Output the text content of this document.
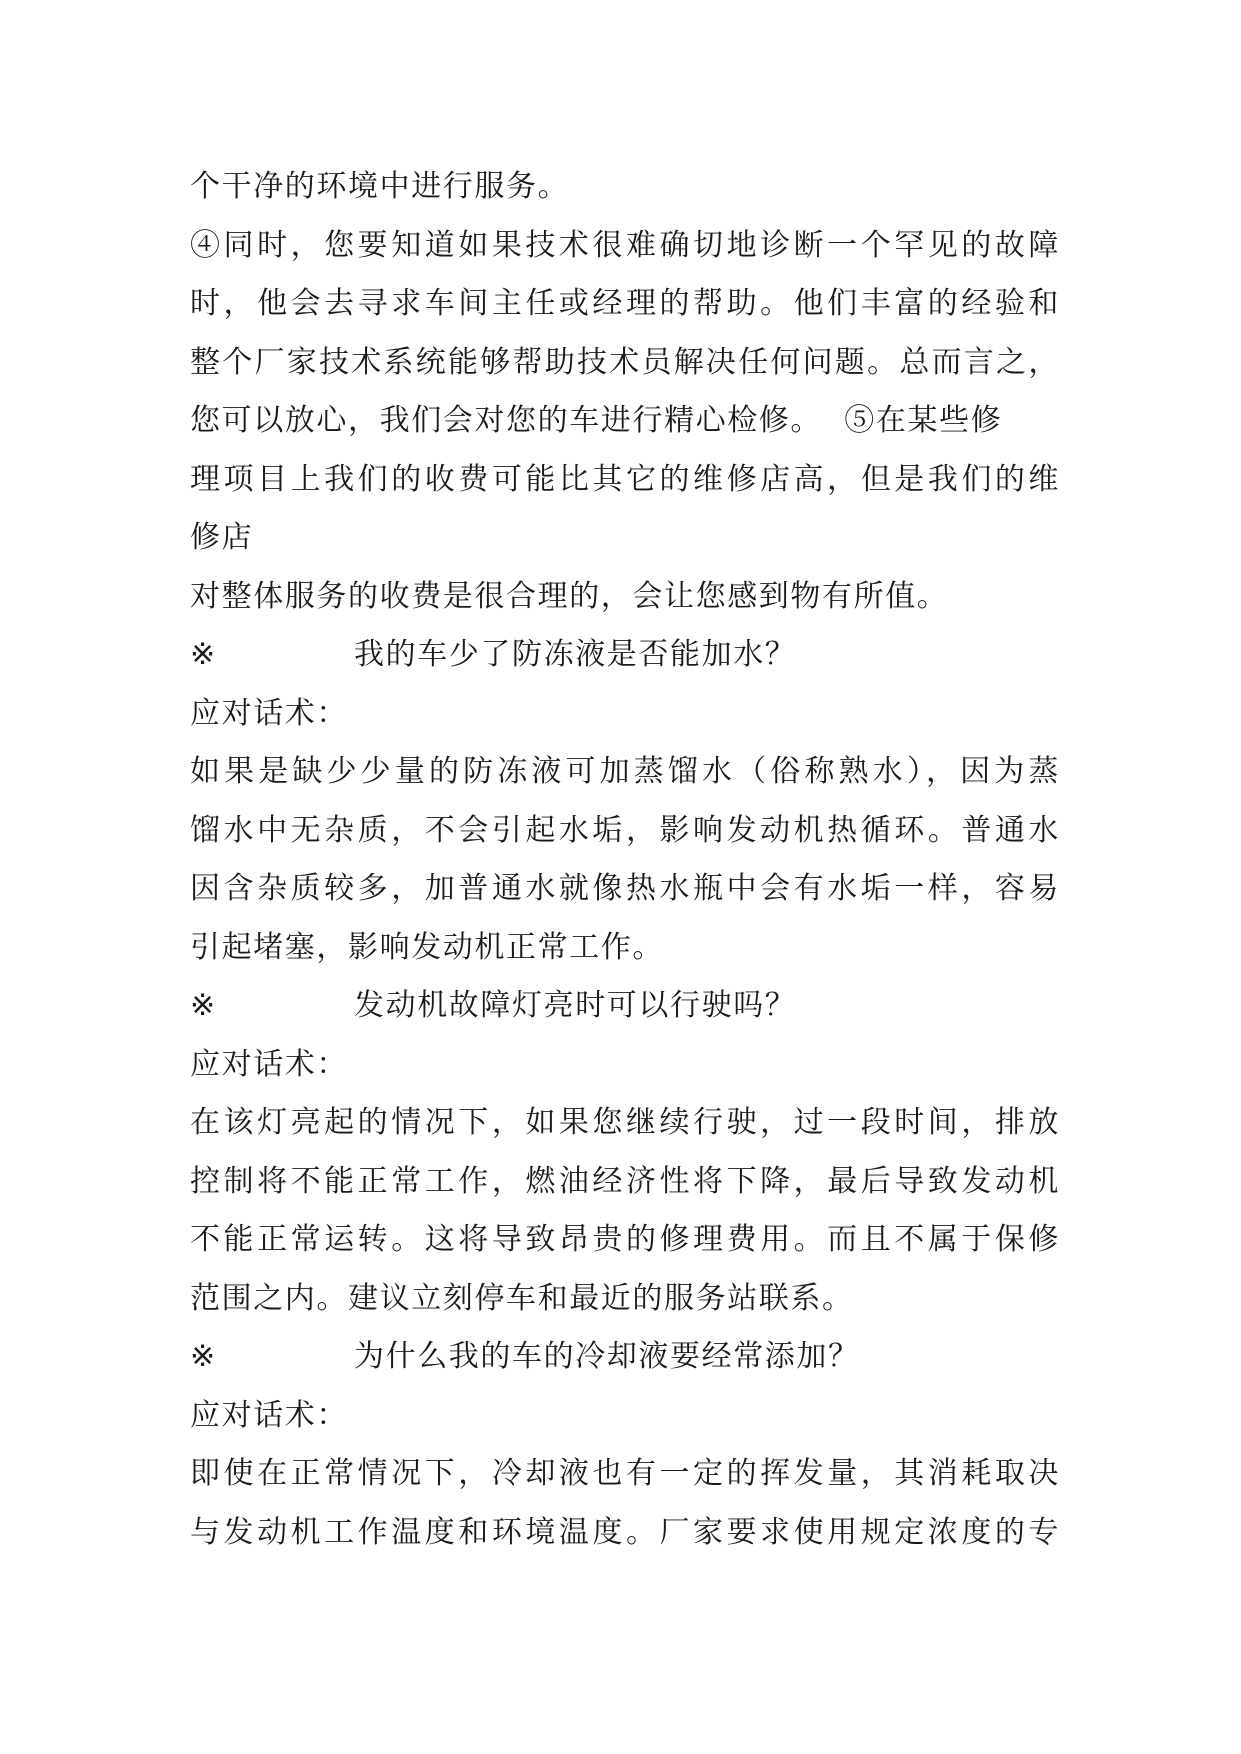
个干净的环境中进行服务。
④同时，您要知道如果技术很难确切地诊断一个罕见的故障
时，他会去寻求车间主任或经理的帮助。他们丰富的经验和
整个厂家技术系统能够帮助技术员解决任何问题。总而言之，
您可以放心，我们会对您的车进行精心检修。  ⑤在某些修
理项目上我们的收费可能比其它的维修店高，但是我们的维
修店
对整体服务的收费是很合理的，会让您感到物有所值。
※	我的车少了防冻液是否能加水？
应对话术：
如果是缺少少量的防冻液可加蒸馏水（俗称熟水），因为蒸
馏水中无杂质，不会引起水垢，影响发动机热循环。普通水
因含杂质较多，加普通水就像热水瓶中会有水垢一样，容易
引起堵塞，影响发动机正常工作。
※	发动机故障灯亮时可以行驶吗？
应对话术：
在该灯亮起的情况下，如果您继续行驶，过一段时间，排放
控制将不能正常工作，燃油经济性将下降，最后导致发动机
不能正常运转。这将导致昂贵的修理费用。而且不属于保修
范围之内。建议立刻停车和最近的服务站联系。
※	为什么我的车的冷却液要经常添加？
应对话术：
即使在正常情况下，冷却液也有一定的挥发量，其消耗取决
与发动机工作温度和环境温度。厂家要求使用规定浓度的专
